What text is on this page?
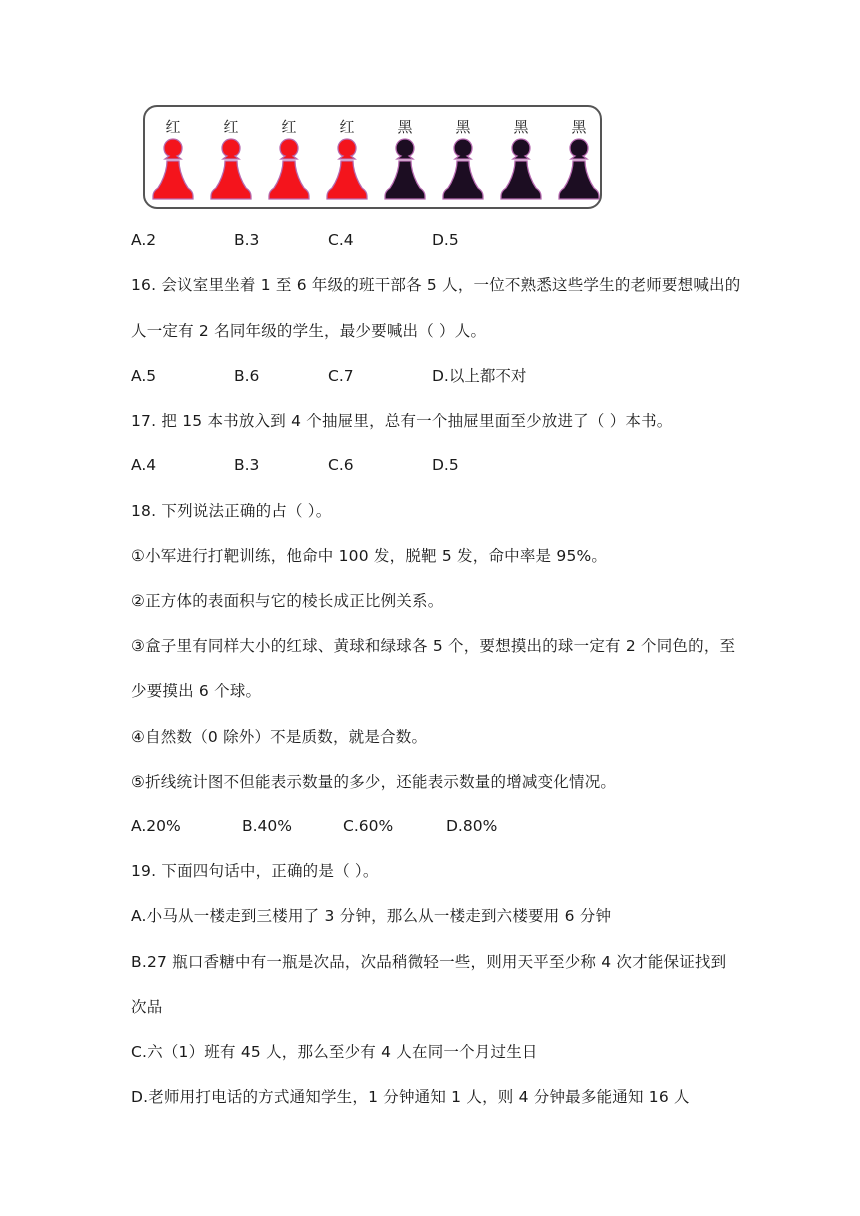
红	红	红	红	黑	黑	黑	黑
A.2	B.3	C.4	D.5
16. 会议室里坐着 1 至 6 年级的班干部各 5 人，一位不熟悉这些学生的老师要想喊出的
人一定有 2 名同年级的学生，最少要喊出（ ）人。
A.5	B.6	C.7	D.以上都不对
17. 把 15 本书放入到 4 个抽屉里，总有一个抽屉里面至少放进了（ ）本书。
A.4	B.3	C.6	D.5
18. 下列说法正确的占（ ）。
①小军进行打靶训练，他命中 100 发，脱靶 5 发，命中率是 95%。
②正方体的表面积与它的棱长成正比例关系。
③盒子里有同样大小的红球、黄球和绿球各 5 个，要想摸出的球一定有 2 个同色的，至
少要摸出 6 个球。
④自然数（0 除外）不是质数，就是合数。
⑤折线统计图不但能表示数量的多少，还能表示数量的增减变化情况。
A.20%	B.40%	C.60%	D.80%
19. 下面四句话中，正确的是（ ）。
A.小马从一楼走到三楼用了 3 分钟，那么从一楼走到六楼要用 6 分钟
B.27 瓶口香糖中有一瓶是次品，次品稍微轻一些，则用天平至少称 4 次才能保证找到
次品
C.六（1）班有 45 人，那么至少有 4 人在同一个月过生日
D.老师用打电话的方式通知学生，1 分钟通知 1 人，则 4 分钟最多能通知 16 人
